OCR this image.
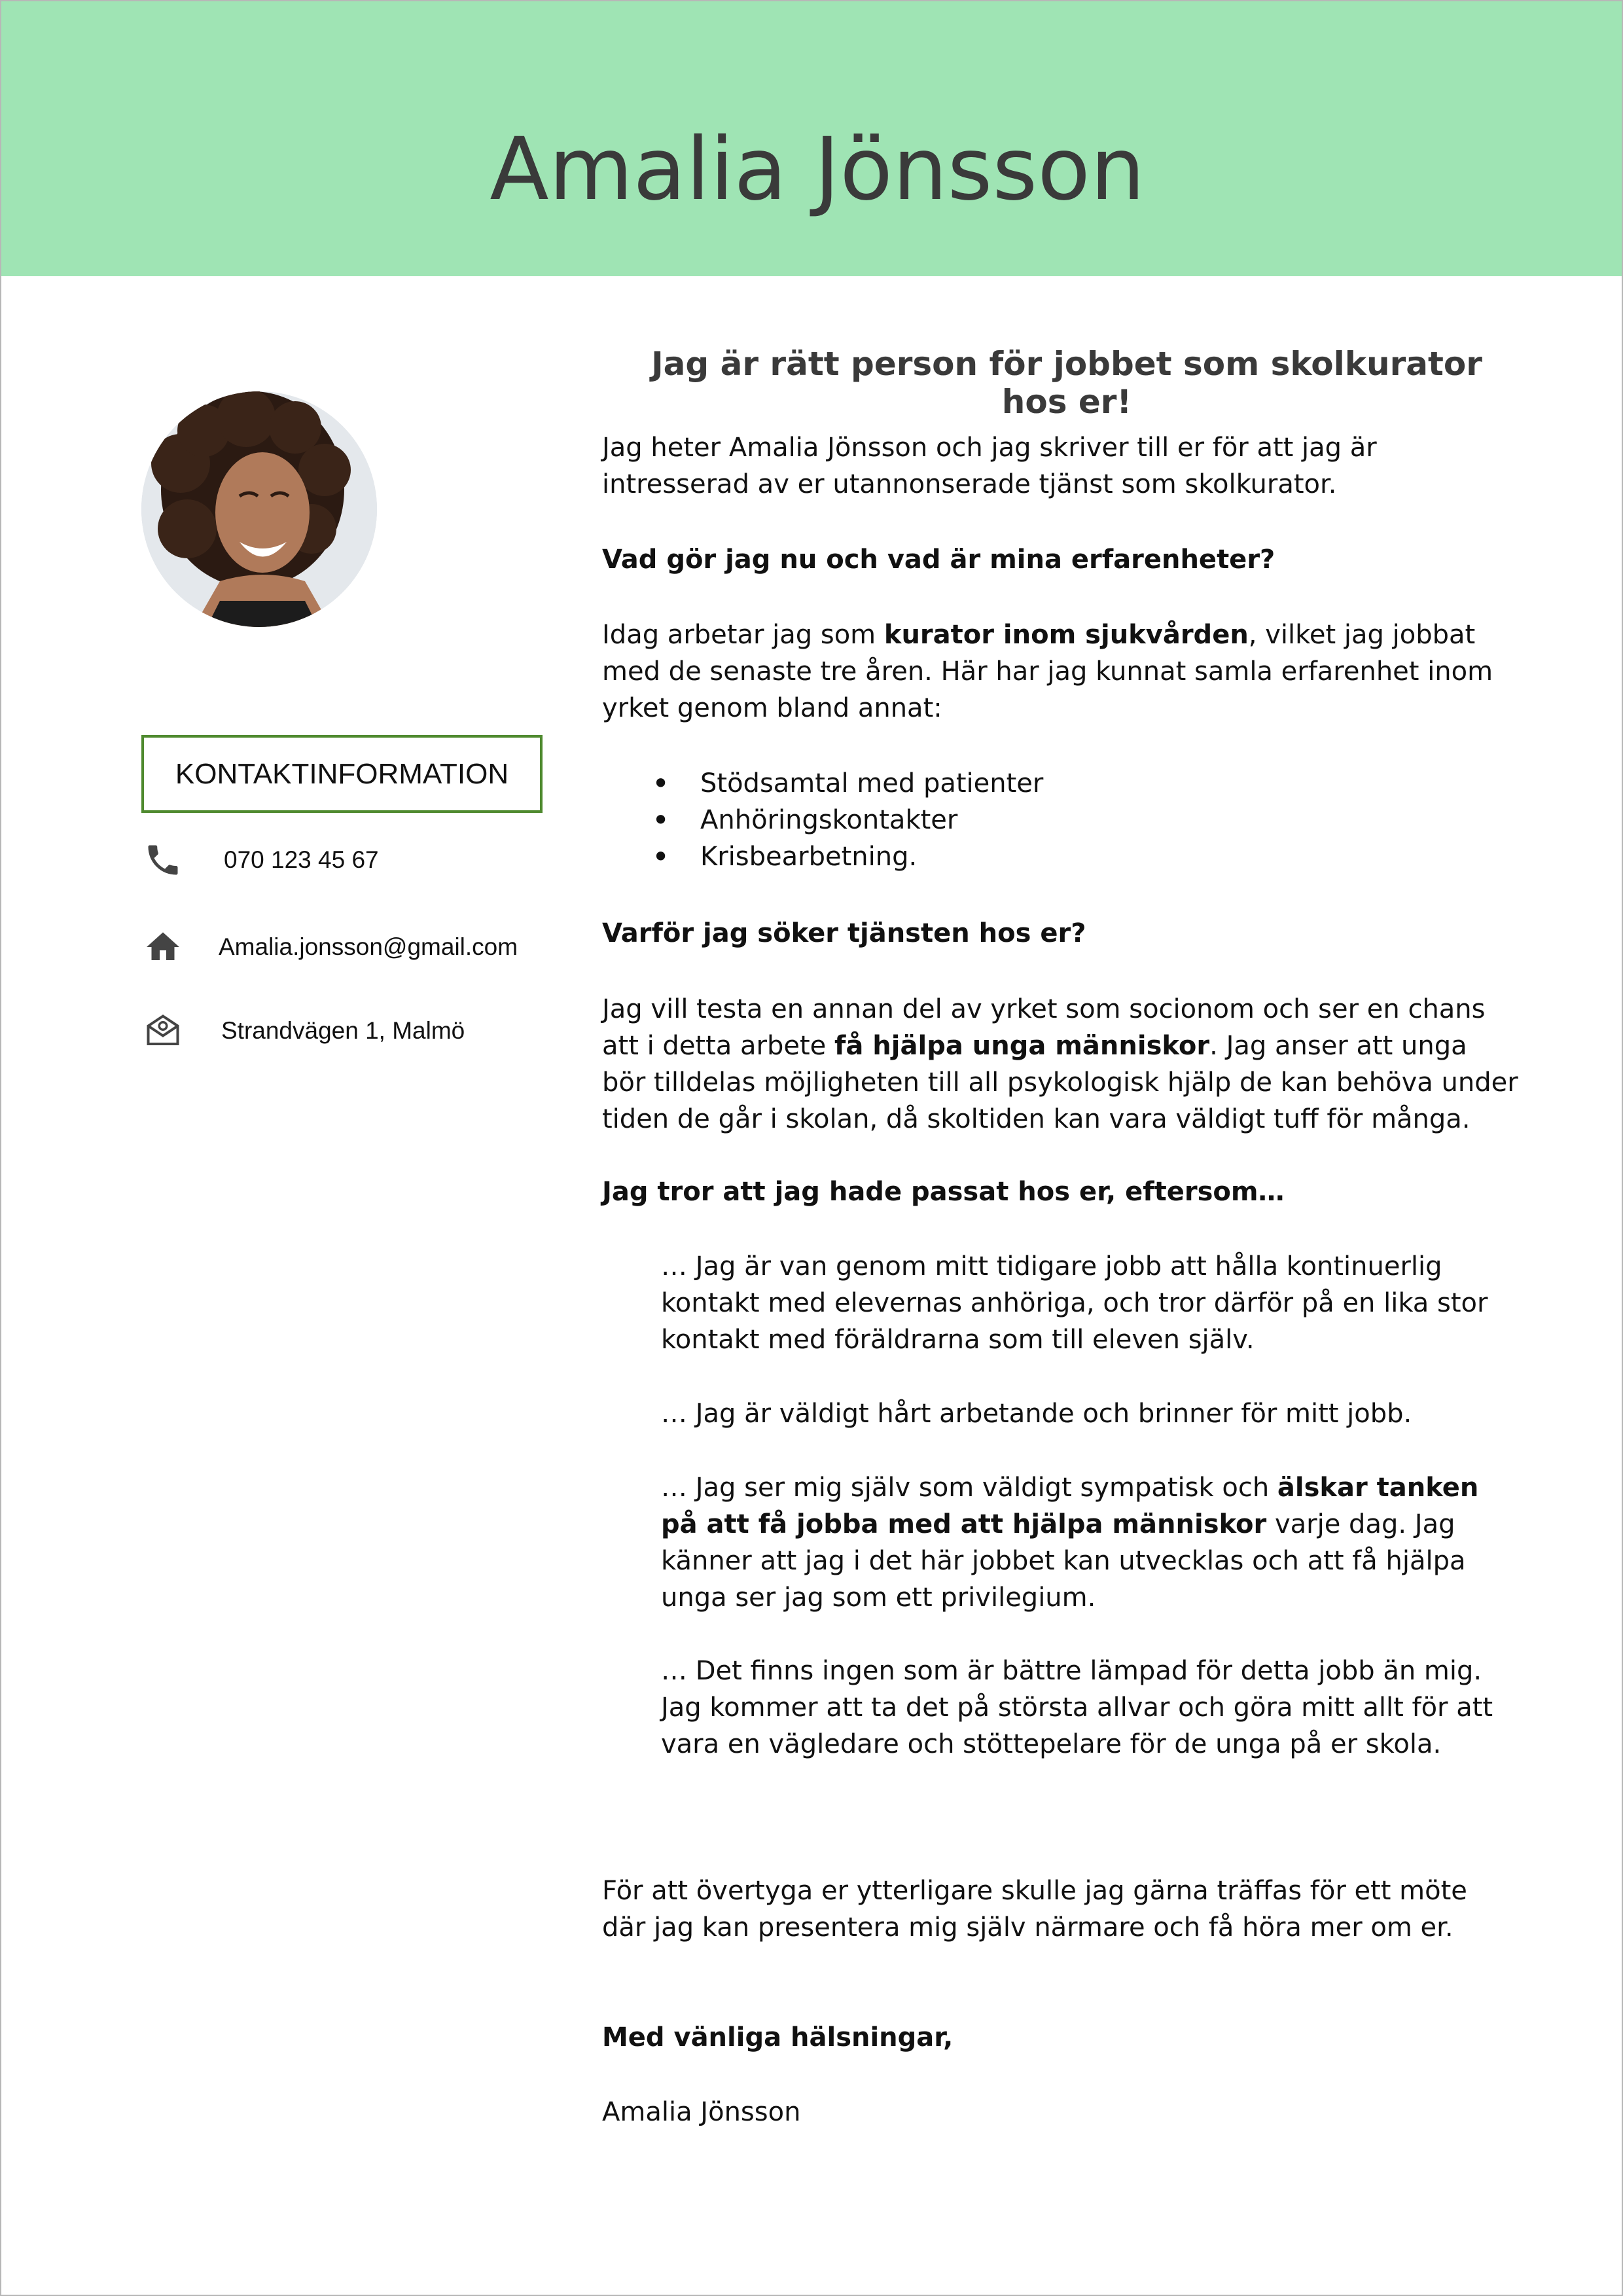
Amalia Jönsson
KONTAKTINFORMATION
070 123 45 67
Amalia.jonsson@gmail.com
Strandvägen 1, Malmö
Jag är rätt person för jobbet som skolkurator hos er!
Jag heter Amalia Jönsson och jag skriver till er för att jag är intresserad av er utannonserade tjänst som skolkurator.
Vad gör jag nu och vad är mina erfarenheter?
Idag arbetar jag som kurator inom sjukvården, vilket jag jobbat med de senaste tre åren. Här har jag kunnat samla erfarenhet inom yrket genom bland annat:
• Stödsamtal med patienter
• Anhöringskontakter
• Krisbearbetning.
Varför jag söker tjänsten hos er?
Jag vill testa en annan del av yrket som socionom och ser en chans att i detta arbete få hjälpa unga människor. Jag anser att unga bör tilldelas möjligheten till all psykologisk hjälp de kan behöva under tiden de går i skolan, då skoltiden kan vara väldigt tuff för många.
Jag tror att jag hade passat hos er, eftersom…
… Jag är van genom mitt tidigare jobb att hålla kontinuerlig kontakt med elevernas anhöriga, och tror därför på en lika stor kontakt med föräldrarna som till eleven själv.
… Jag är väldigt hårt arbetande och brinner för mitt jobb.
… Jag ser mig själv som väldigt sympatisk och älskar tanken på att få jobba med att hjälpa människor varje dag. Jag känner att jag i det här jobbet kan utvecklas och att få hjälpa unga ser jag som ett privilegium.
… Det finns ingen som är bättre lämpad för detta jobb än mig. Jag kommer att ta det på största allvar och göra mitt allt för att vara en vägledare och stöttepelare för de unga på er skola.
För att övertyga er ytterligare skulle jag gärna träffas för ett möte där jag kan presentera mig själv närmare och få höra mer om er.
Med vänliga hälsningar,
Amalia Jönsson
